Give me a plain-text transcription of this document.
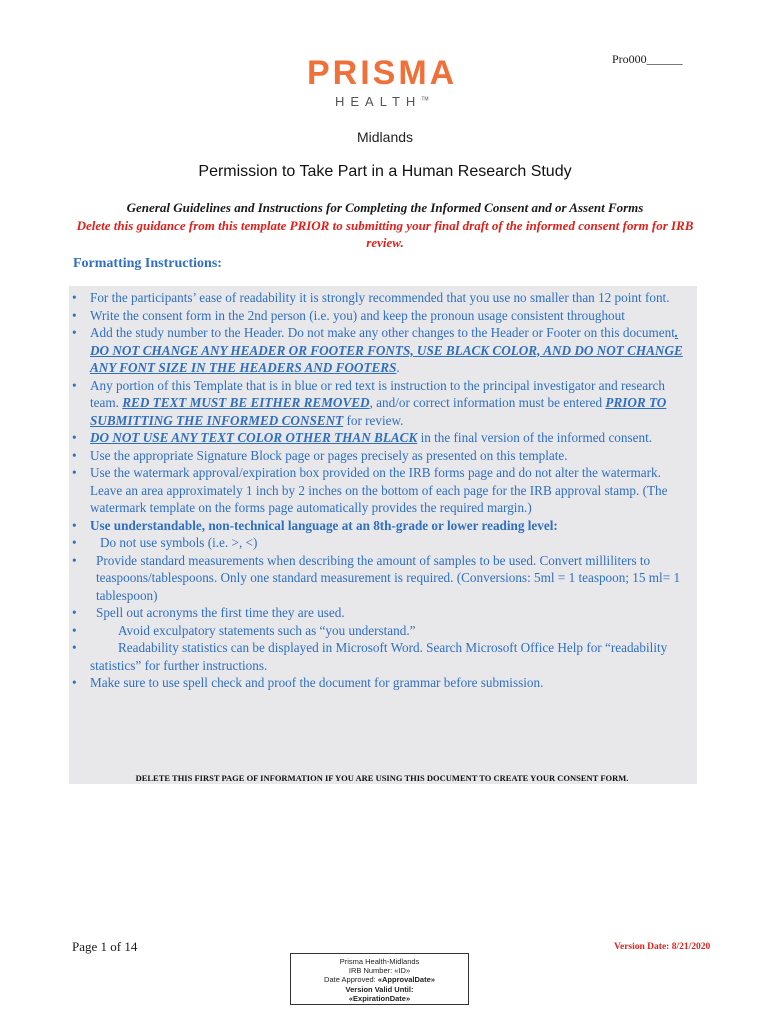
Pro000______
PRISMA
HEALTH™
Midlands
Permission to Take Part in a Human Research Study
General Guidelines and Instructions for Completing the Informed Consent and or Assent Forms
Delete this guidance from this template PRIOR to submitting your final draft of the informed consent form for IRB review.
Formatting Instructions:
• For the participants’ ease of readability it is strongly recommended that you use no smaller than 12 point font.
• Write the consent form in the 2nd person (i.e. you) and keep the pronoun usage consistent throughout
• Add the study number to the Header. Do not make any other changes to the Header or Footer on this document. DO NOT CHANGE ANY HEADER OR FOOTER FONTS, USE BLACK COLOR, AND DO NOT CHANGE ANY FONT SIZE IN THE HEADERS AND FOOTERS.
• Any portion of this Template that is in blue or red text is instruction to the principal investigator and research team. RED TEXT MUST BE EITHER REMOVED, and/or correct information must be entered PRIOR TO SUBMITTING THE INFORMED CONSENT for review.
• DO NOT USE ANY TEXT COLOR OTHER THAN BLACK in the final version of the informed consent.
• Use the appropriate Signature Block page or pages precisely as presented on this template.
• Use the watermark approval/expiration box provided on the IRB forms page and do not alter the watermark. Leave an area approximately 1 inch by 2 inches on the bottom of each page for the IRB approval stamp. (The watermark template on the forms page automatically provides the required margin.)
• Use understandable, non-technical language at an 8th-grade or lower reading level:
• Do not use symbols (i.e. >, <)
• Provide standard measurements when describing the amount of samples to be used. Convert milliliters to teaspoons/tablespoons. Only one standard measurement is required. (Conversions: 5ml = 1 teaspoon; 15 ml= 1 tablespoon)
• Spell out acronyms the first time they are used.
•	Avoid exculpatory statements such as “you understand.”
•	Readability statistics can be displayed in Microsoft Word. Search Microsoft Office Help for “readability statistics” for further instructions.
• Make sure to use spell check and proof the document for grammar before submission.
DELETE THIS FIRST PAGE OF INFORMATION IF YOU ARE USING THIS DOCUMENT TO CREATE YOUR CONSENT FORM.
Page 1 of 14	Version Date: 8/21/2020
Prisma Health-Midlands
IRB Number: «ID»
Date Approved: «ApprovalDate»
Version Valid Until:
«ExpirationDate»
